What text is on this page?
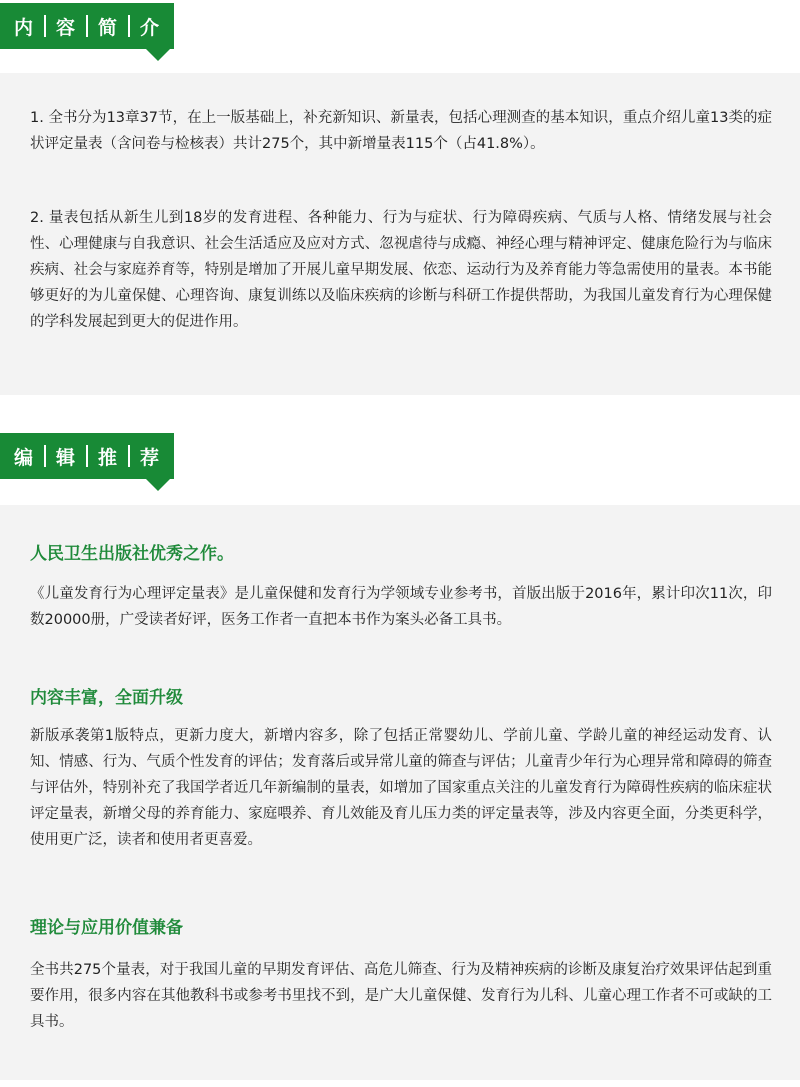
内 容 简 介

1. 全书分为13章37节，在上一版基础上，补充新知识、新量表，包括心理测查的基本知识，重点介绍儿童13类的症状评定量表（含问卷与检核表）共计275个，其中新增量表115个（占41.8%）。

2. 量表包括从新生儿到18岁的发育进程、各种能力、行为与症状、行为障碍疾病、气质与人格、情绪发展与社会性、心理健康与自我意识、社会生活适应及应对方式、忽视虐待与成瘾、神经心理与精神评定、健康危险行为与临床疾病、社会与家庭养育等，特别是增加了开展儿童早期发展、依恋、运动行为及养育能力等急需使用的量表。本书能够更好的为儿童保健、心理咨询、康复训练以及临床疾病的诊断与科研工作提供帮助，为我国儿童发育行为心理保健的学科发展起到更大的促进作用。

编 辑 推 荐
人民卫生出版社优秀之作。

《儿童发育行为心理评定量表》是儿童保健和发育行为学领域专业参考书，首版出版于2016年，累计印次11次，印数20000册，广受读者好评，医务工作者一直把本书作为案头必备工具书。

内容丰富，全面升级

新版承袭第1版特点，更新力度大，新增内容多，除了包括正常婴幼儿、学前儿童、学龄儿童的神经运动发育、认知、情感、行为、气质个性发育的评估；发育落后或异常儿童的筛查与评估；儿童青少年行为心理异常和障碍的筛查与评估外，特别补充了我国学者近几年新编制的量表，如增加了国家重点关注的儿童发育行为障碍性疾病的临床症状评定量表，新增父母的养育能力、家庭喂养、育儿效能及育儿压力类的评定量表等，涉及内容更全面，分类更科学，使用更广泛，读者和使用者更喜爱。

理论与应用价值兼备

全书共275个量表，对于我国儿童的早期发育评估、高危儿筛查、行为及精神疾病的诊断及康复治疗效果评估起到重要作用，很多内容在其他教科书或参考书里找不到，是广大儿童保健、发育行为儿科、儿童心理工作者不可或缺的工具书。
